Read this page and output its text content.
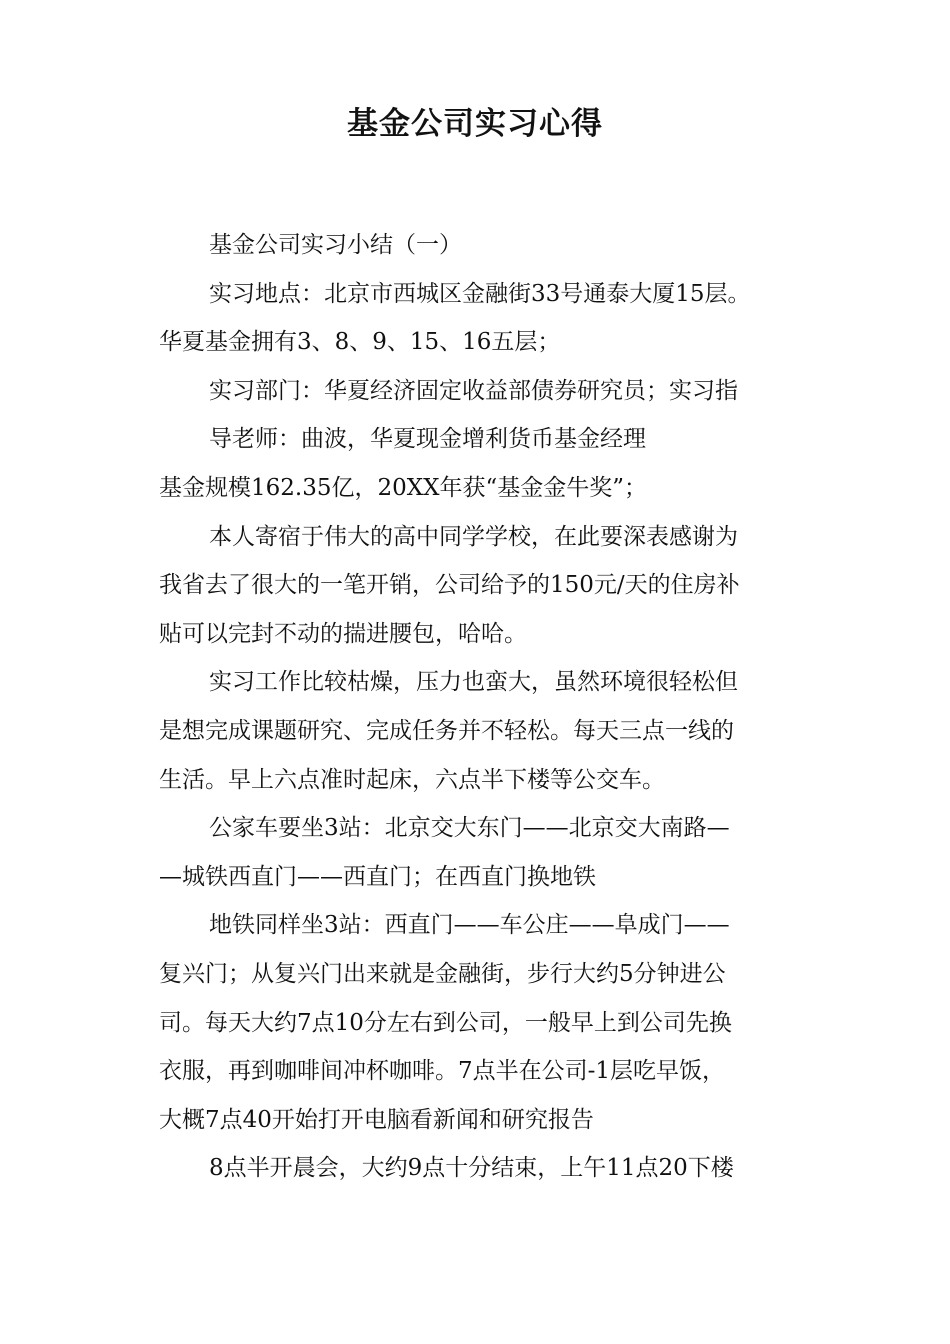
基金公司实习心得
基金公司实习小结（一）
实习地点：北京市西城区金融街33号通泰大厦15层。
华夏基金拥有3、8、9、15、16五层；
实习部门：华夏经济固定收益部债券研究员；实习指
导老师：曲波，华夏现金增利货币基金经理
基金规模162.35亿，20XX年获“基金金牛奖”；
本人寄宿于伟大的高中同学学校，在此要深表感谢为
我省去了很大的一笔开销，公司给予的150元/天的住房补
贴可以完封不动的揣进腰包，哈哈。
实习工作比较枯燥，压力也蛮大，虽然环境很轻松但
是想完成课题研究、完成任务并不轻松。每天三点一线的
生活。早上六点准时起床，六点半下楼等公交车。
公家车要坐3站：北京交大东门——北京交大南路—
—城铁西直门——西直门；在西直门换地铁
地铁同样坐3站：西直门——车公庄——阜成门——
复兴门；从复兴门出来就是金融街，步行大约5分钟进公
司。每天大约7点10分左右到公司，一般早上到公司先换
衣服，再到咖啡间冲杯咖啡。7点半在公司-1层吃早饭，
大概7点40开始打开电脑看新闻和研究报告
8点半开晨会，大约9点十分结束，上午11点20下楼
